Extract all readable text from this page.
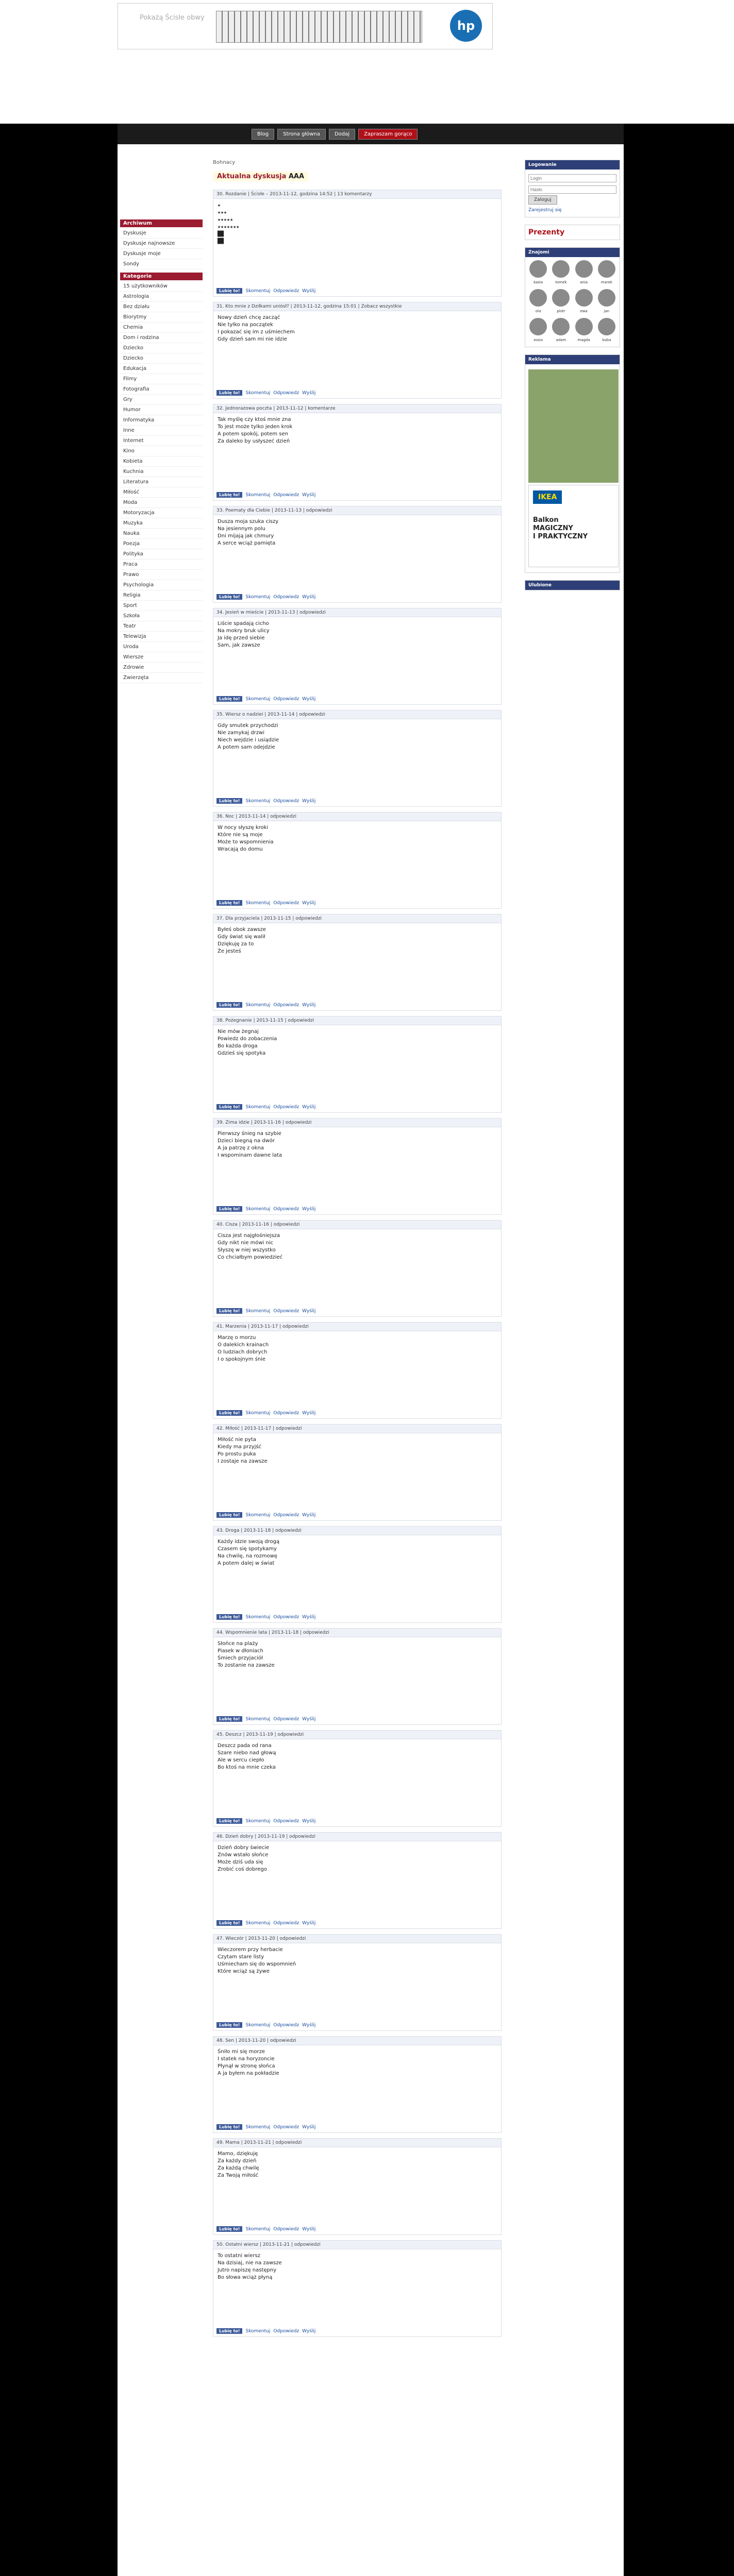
Pokażą Ścisłe obwy
hp
Blog	Strona główna	Dodaj	Zapraszam gorąco
Archiwum
Dyskusje
Dyskusje najnowsze
Dyskusje moje
Sondy
Kategorie
15 użytkowników
Astrologia
Bez działu
Biorytmy
Chemia
Dom i rodzina
Dziecko
Dziecko
Edukacja
Filmy
Fotografia
Gry
Humor
Informatyka
Inne
Internet
Kino
Kobieta
Kuchnia
Literatura
Miłość
Moda
Motoryzacja
Muzyka
Nauka
Poezja
Polityka
Praca
Prawo
Psychologia
Religia
Sport
Szkoła
Teatr
Telewizja
Uroda
Wiersze
Zdrowie
Zwierzęta
Bohnacy
Aktualna dyskusja AAA
30. Rozdanie | Ścisłe – 2013-11-12, godzina 14:52 | 13 komentarzy
★
★★★
★★★★★
★★★★★★★
██
██
Lubię to!	Skomentuj Odpowiedz Wyślij
31. Kto mnie z Dziłkami uniósł? | 2013-11-12, godzina 15:01 | Zobacz wszystkie
Nowy dzień chcę zacząć
Nie tylko na początek
I pokazać się im z uśmiechem
Gdy dzień sam mi nie idzie
Lubię to!	Skomentuj Odpowiedz Wyślij
32. Jednorazowa poczta | 2013-11-12 | komentarze
Tak myślę czy ktoś mnie zna
To jest może tylko jeden krok
A potem spokój, potem sen
Za daleko by usłyszeć dzień
Lubię to!	Skomentuj Odpowiedz Wyślij
33. Poematy dla Ciebie | 2013-11-13 | odpowiedzi
Dusza moja szuka ciszy
Na jesiennym polu
Dni mijają jak chmury
A serce wciąż pamięta
Lubię to!	Skomentuj Odpowiedz Wyślij
34. Jesień w mieście | 2013-11-13 | odpowiedzi
Liście spadają cicho
Na mokry bruk ulicy
Ja idę przed siebie
Sam, jak zawsze
Lubię to!	Skomentuj Odpowiedz Wyślij
35. Wiersz o nadziei | 2013-11-14 | odpowiedzi
Gdy smutek przychodzi
Nie zamykaj drzwi
Niech wejdzie i usiądzie
A potem sam odejdzie
Lubię to!	Skomentuj Odpowiedz Wyślij
36. Noc | 2013-11-14 | odpowiedzi
W nocy słyszę kroki
Które nie są moje
Może to wspomnienia
Wracają do domu
Lubię to!	Skomentuj Odpowiedz Wyślij
37. Dla przyjaciela | 2013-11-15 | odpowiedzi
Byłeś obok zawsze
Gdy świat się walił
Dziękuję za to
Że jesteś
Lubię to!	Skomentuj Odpowiedz Wyślij
38. Pożegnanie | 2013-11-15 | odpowiedzi
Nie mów żegnaj
Powiedz do zobaczenia
Bo każda droga
Gdzieś się spotyka
Lubię to!	Skomentuj Odpowiedz Wyślij
39. Zima idzie | 2013-11-16 | odpowiedzi
Pierwszy śnieg na szybie
Dzieci biegną na dwór
A ja patrzę z okna
I wspominam dawne lata
Lubię to!	Skomentuj Odpowiedz Wyślij
40. Cisza | 2013-11-16 | odpowiedzi
Cisza jest najgłośniejsza
Gdy nikt nie mówi nic
Słyszę w niej wszystko
Co chciałbym powiedzieć
Lubię to!	Skomentuj Odpowiedz Wyślij
41. Marzenia | 2013-11-17 | odpowiedzi
Marzę o morzu
O dalekich krainach
O ludziach dobrych
I o spokojnym śnie
Lubię to!	Skomentuj Odpowiedz Wyślij
42. Miłość | 2013-11-17 | odpowiedzi
Miłość nie pyta
Kiedy ma przyjść
Po prostu puka
I zostaje na zawsze
Lubię to!	Skomentuj Odpowiedz Wyślij
43. Droga | 2013-11-18 | odpowiedzi
Każdy idzie swoją drogą
Czasem się spotykamy
Na chwilę, na rozmowę
A potem dalej w świat
Lubię to!	Skomentuj Odpowiedz Wyślij
44. Wspomnienie lata | 2013-11-18 | odpowiedzi
Słońce na plaży
Piasek w dłoniach
Śmiech przyjaciół
To zostanie na zawsze
Lubię to!	Skomentuj Odpowiedz Wyślij
45. Deszcz | 2013-11-19 | odpowiedzi
Deszcz pada od rana
Szare niebo nad głową
Ale w sercu ciepło
Bo ktoś na mnie czeka
Lubię to!	Skomentuj Odpowiedz Wyślij
46. Dzień dobry | 2013-11-19 | odpowiedzi
Dzień dobry świecie
Znów wstało słońce
Może dziś uda się
Zrobić coś dobrego
Lubię to!	Skomentuj Odpowiedz Wyślij
47. Wieczór | 2013-11-20 | odpowiedzi
Wieczorem przy herbacie
Czytam stare listy
Uśmiecham się do wspomnień
Które wciąż są żywe
Lubię to!	Skomentuj Odpowiedz Wyślij
48. Sen | 2013-11-20 | odpowiedzi
Śniło mi się morze
I statek na horyzoncie
Płynął w stronę słońca
A ja byłem na pokładzie
Lubię to!	Skomentuj Odpowiedz Wyślij
49. Mama | 2013-11-21 | odpowiedzi
Mamo, dziękuję
Za każdy dzień
Za każdą chwilę
Za Twoją miłość
Lubię to!	Skomentuj Odpowiedz Wyślij
50. Ostatni wiersz | 2013-11-21 | odpowiedzi
To ostatni wiersz
Na dzisiaj, nie na zawsze
Jutro napiszę następny
Bo słowa wciąż płyną
Lubię to!	Skomentuj Odpowiedz Wyślij
Logowanie
Login  Zaloguj
Zarejestruj się
Prezenty
Znajomi
kasia	tomek	ania	marek
ola	piotr	ewa	jan
zosia	adam	magda	kuba
Reklama
IKEA
Balkon
MAGICZNY
I PRAKTYCZNY
Ulubione
